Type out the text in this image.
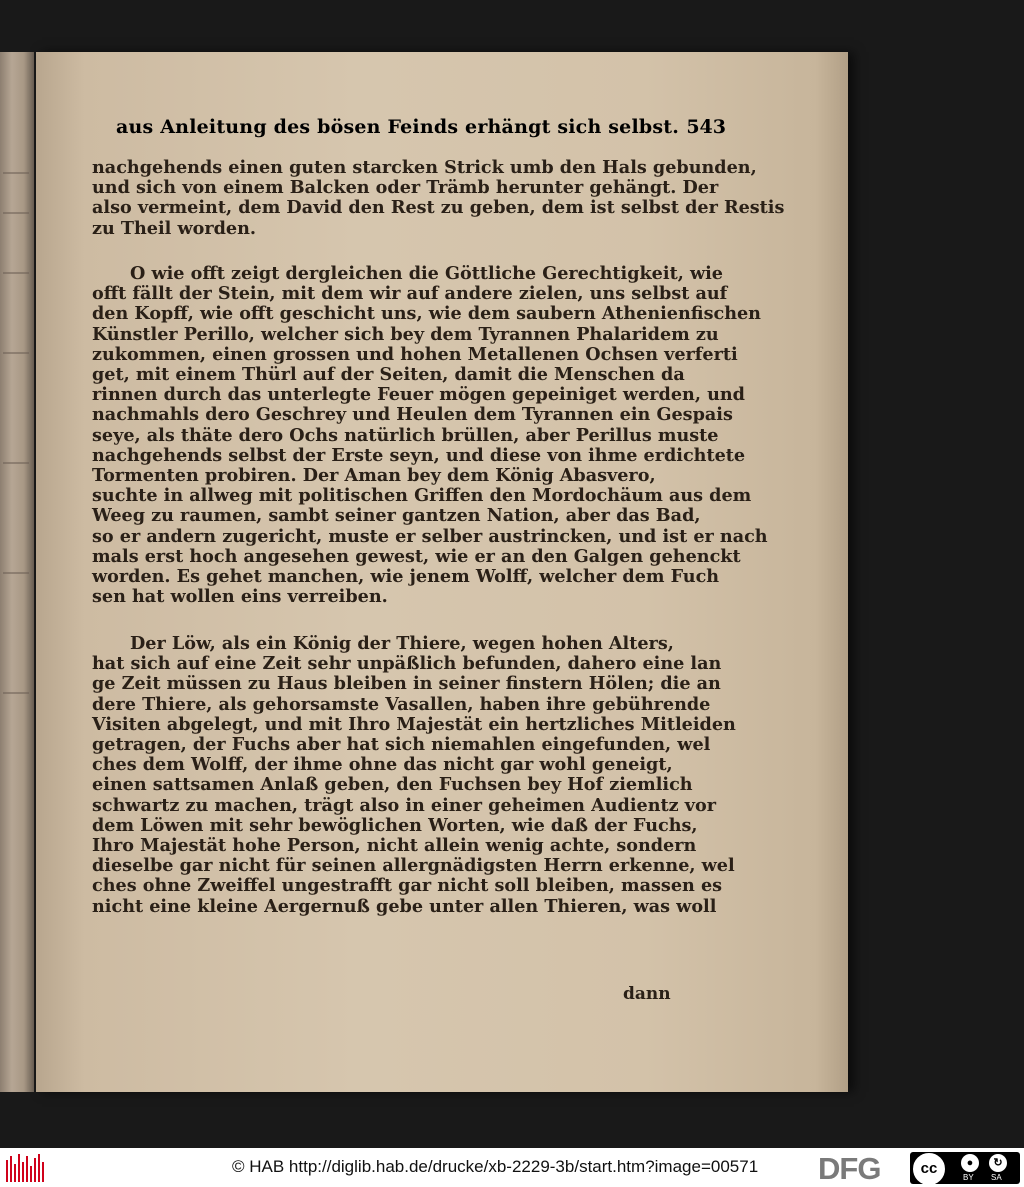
aus Anleitung des bösen Feinds erhängt sich selbst. 543
nachgehends einen guten starcken Strick umb den Hals gebunden,
und sich von einem Balcken oder Trämb herunter gehängt. Der
also vermeint, dem David den Rest zu geben, dem ist selbst der Restis
zu Theil worden.
O wie offt zeigt dergleichen die Göttliche Gerechtigkeit, wie
offt fällt der Stein, mit dem wir auf andere zielen, uns selbst auf
den Kopff, wie offt geschicht uns, wie dem saubern Athenienfischen
Künstler Perillo, welcher sich bey dem Tyrannen Phalaridem zu
zukommen, einen grossen und hohen Metallenen Ochsen verferti
get, mit einem Thürl auf der Seiten, damit die Menschen da
rinnen durch das unterlegte Feuer mögen gepeiniget werden, und
nachmahls dero Geschrey und Heulen dem Tyrannen ein Gespais
seye, als thäte dero Ochs natürlich brüllen, aber Perillus muste
nachgehends selbst der Erste seyn, und diese von ihme erdichtete
Tormenten probiren. Der Aman bey dem König Abasvero,
suchte in allweg mit politischen Griffen den Mordochäum aus dem
Weeg zu raumen, sambt seiner gantzen Nation, aber das Bad,
so er andern zugericht, muste er selber austrincken, und ist er nach
mals erst hoch angesehen gewest, wie er an den Galgen gehenckt
worden. Es gehet manchen, wie jenem Wolff, welcher dem Fuch
sen hat wollen eins verreiben.
Der Löw, als ein König der Thiere, wegen hohen Alters,
hat sich auf eine Zeit sehr unpäßlich befunden, dahero eine lan
ge Zeit müssen zu Haus bleiben in seiner finstern Hölen; die an
dere Thiere, als gehorsamste Vasallen, haben ihre gebührende
Visiten abgelegt, und mit Ihro Majestät ein hertzliches Mitleiden
getragen, der Fuchs aber hat sich niemahlen eingefunden, wel
ches dem Wolff, der ihme ohne das nicht gar wohl geneigt,
einen sattsamen Anlaß geben, den Fuchsen bey Hof ziemlich
schwartz zu machen, trägt also in einer geheimen Audientz vor
dem Löwen mit sehr bewöglichen Worten, wie daß der Fuchs,
Ihro Majestät hohe Person, nicht allein wenig achte, sondern
dieselbe gar nicht für seinen allergnädigsten Herrn erkenne, wel
ches ohne Zweiffel ungestrafft gar nicht soll bleiben, massen es
nicht eine kleine Aergernuß gebe unter allen Thieren, was woll
dann
© HAB http://diglib.hab.de/drucke/xb-2229-3b/start.htm?image=00571 DFG	cc	●	↻
BY SA
